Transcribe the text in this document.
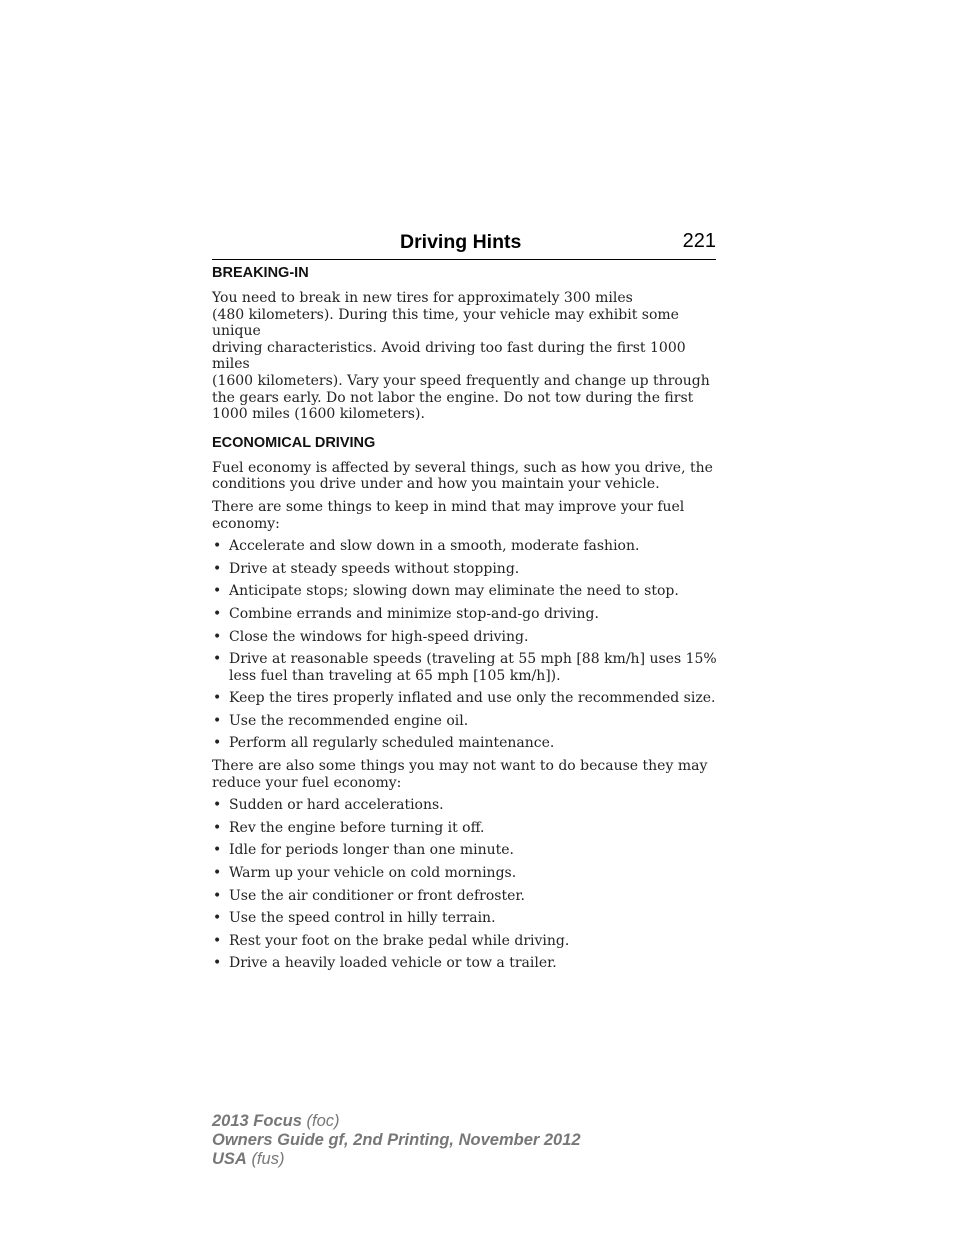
Driving Hints	221
BREAKING-IN

You need to break in new tires for approximately 300 miles
(480 kilometers). During this time, your vehicle may exhibit some unique
driving characteristics. Avoid driving too fast during the first 1000 miles
(1600 kilometers). Vary your speed frequently and change up through
the gears early. Do not labor the engine. Do not tow during the first
1000 miles (1600 kilometers).

ECONOMICAL DRIVING

Fuel economy is affected by several things, such as how you drive, the
conditions you drive under and how you maintain your vehicle.

There are some things to keep in mind that may improve your fuel
economy:

• Accelerate and slow down in a smooth, moderate fashion.
• Drive at steady speeds without stopping.
• Anticipate stops; slowing down may eliminate the need to stop.
• Combine errands and minimize stop-and-go driving.
• Close the windows for high-speed driving.
• Drive at reasonable speeds (traveling at 55 mph [88 km/h] uses 15%
less fuel than traveling at 65 mph [105 km/h]).
• Keep the tires properly inflated and use only the recommended size.
• Use the recommended engine oil.
• Perform all regularly scheduled maintenance.

There are also some things you may not want to do because they may
reduce your fuel economy:

• Sudden or hard accelerations.
• Rev the engine before turning it off.
• Idle for periods longer than one minute.
• Warm up your vehicle on cold mornings.
• Use the air conditioner or front defroster.
• Use the speed control in hilly terrain.
• Rest your foot on the brake pedal while driving.
• Drive a heavily loaded vehicle or tow a trailer.
2013 Focus (foc)
Owners Guide gf, 2nd Printing, November 2012
USA (fus)
